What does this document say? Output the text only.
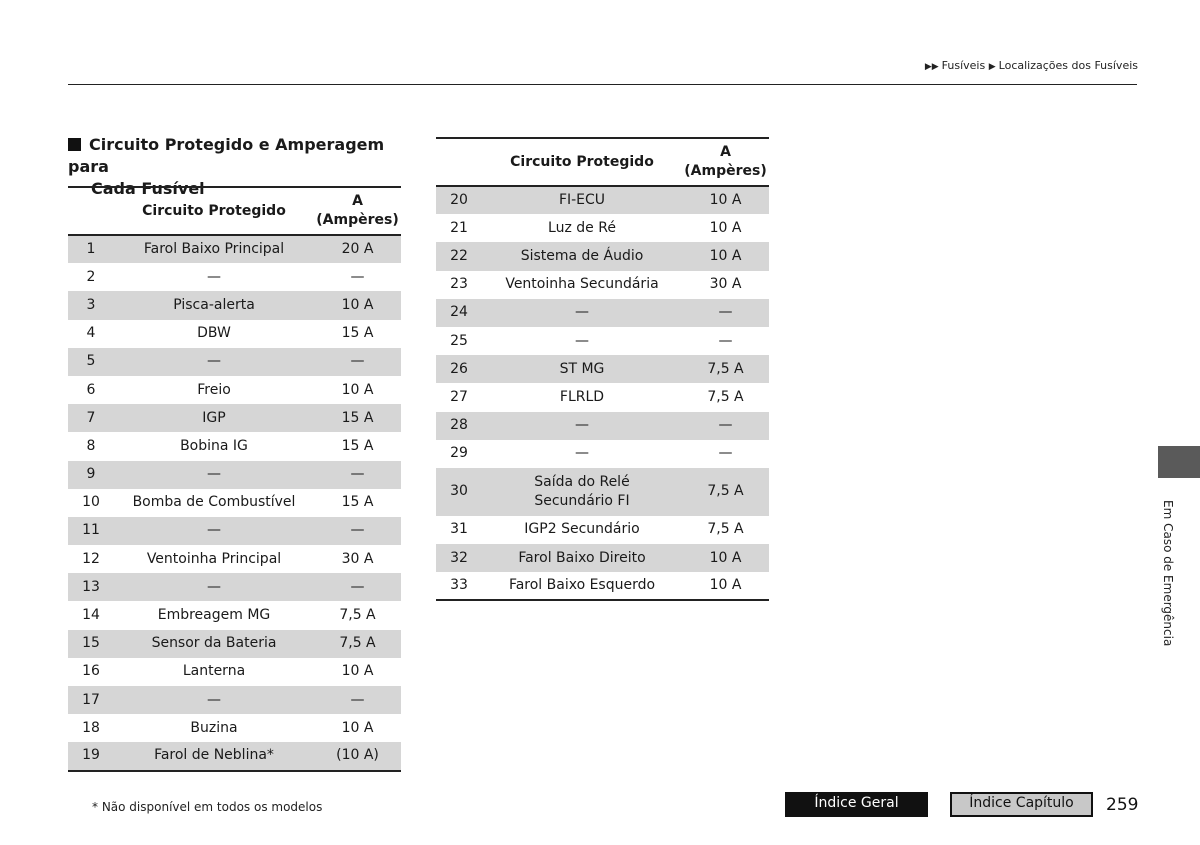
▶▶ Fusíveis ▶ Localizações dos Fusíveis
Circuito Protegido e Amperagem para
Cada Fusível
	Circuito Protegido	A
(Ampères)

1	Farol Baixo Principal	20 A
2	—	—
3	Pisca-alerta	10 A
4	DBW	15 A
5	—	—
6	Freio	10 A
7	IGP	15 A
8	Bobina IG	15 A
9	—	—
10	Bomba de Combustível	15 A
11	—	—
12	Ventoinha Principal	30 A
13	—	—
14	Embreagem MG	7,5 A
15	Sensor da Bateria	7,5 A
16	Lanterna	10 A
17	—	—
18	Buzina	10 A
19	Farol de Neblina*	(10 A)
	Circuito Protegido	A
(Ampères)

20	FI-ECU	10 A
21	Luz de Ré	10 A
22	Sistema de Áudio	10 A
23	Ventoinha Secundária	30 A
24	—	—
25	—	—
26	ST MG	7,5 A
27	FLRLD	7,5 A
28	—	—
29	—	—
30	Saída do Relé
Secundário FI	7,5 A
31	IGP2 Secundário	7,5 A
32	Farol Baixo Direito	10 A
33	Farol Baixo Esquerdo	10 A
* Não disponível em todos os modelos	Índice Geral	Índice Capítulo	259
Em Caso de Emergência
